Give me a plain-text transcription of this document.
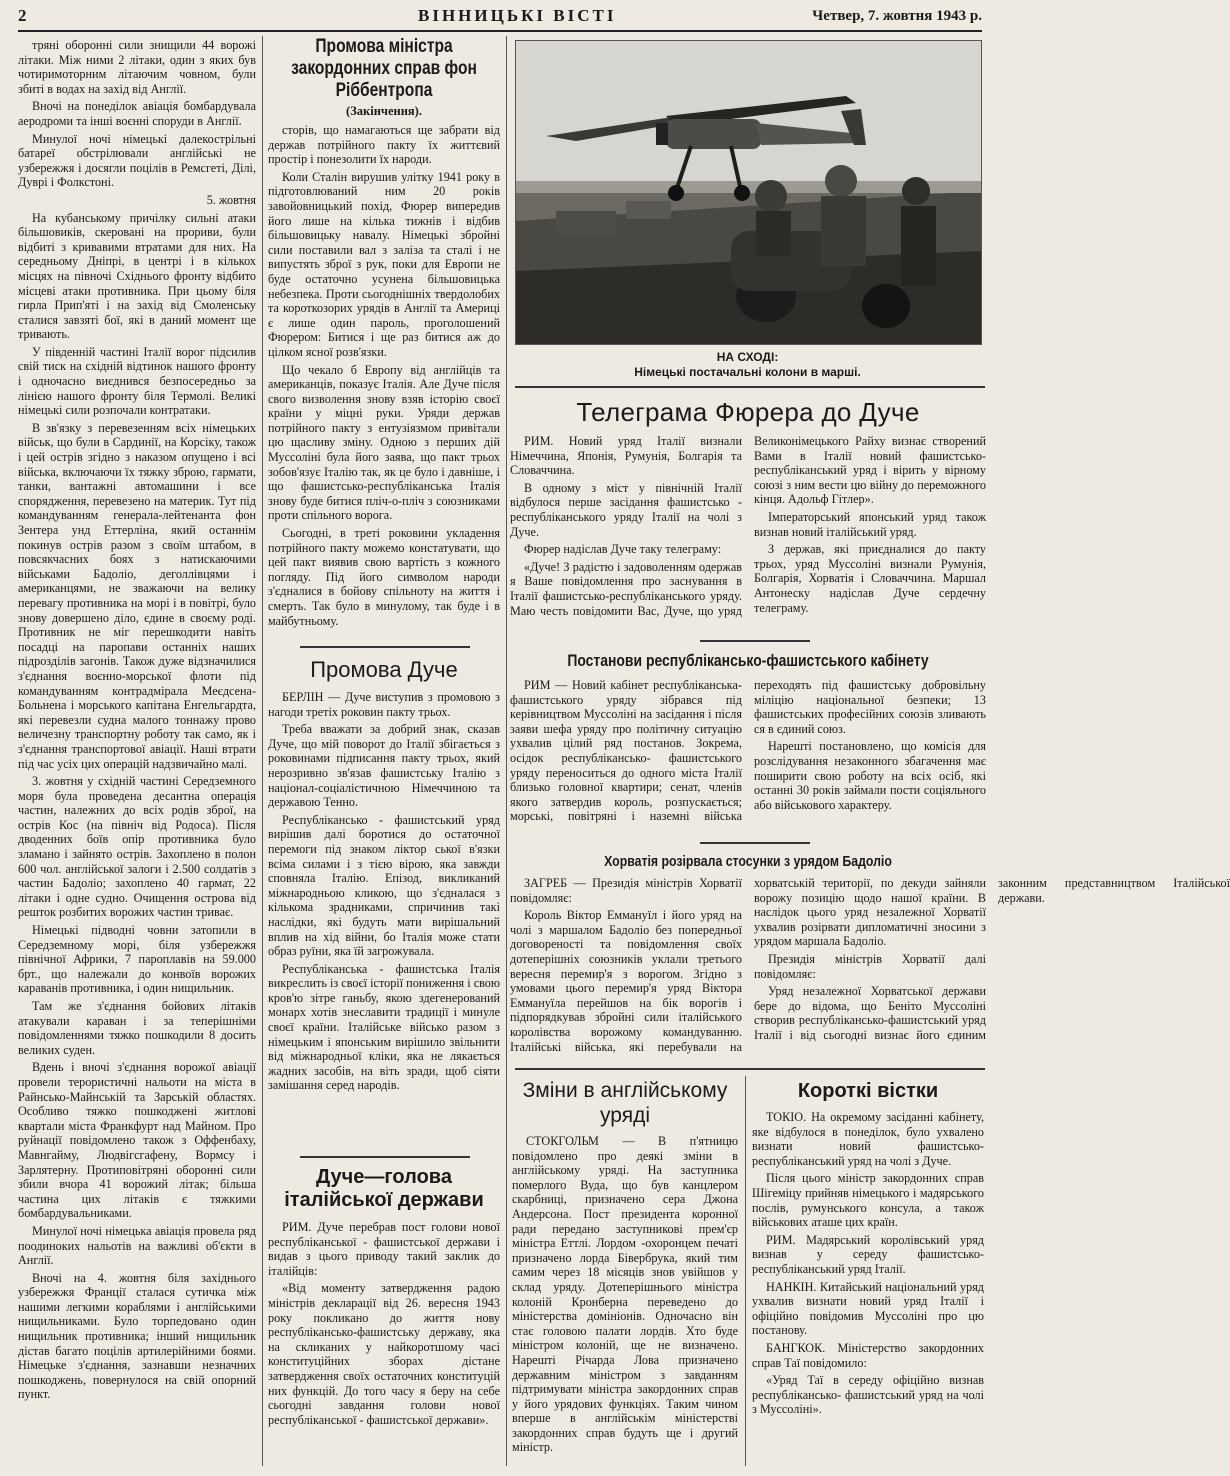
2	ВІННИЦЬКІ ВІСТІ	Четвер, 7. жовтня 1943 р.

тряні оборонні сили знищили 44 ворожі літаки. Між ними 2 літаки, один з яких був чотиримоторним літаючим човном, були збиті в водах на захід від Англії.

Вночі на понеділок авіація бомбардувала аеродроми та інші воєнні споруди в Англії.

Минулої ночі німецькі далекострільні батареї обстрілювали англійські не узбережжя і досягли поцілів в Ремсгеті, Ділі, Дуврі і Фолкстоні.

5. жовтня

На кубанському причілку сильні атаки більшовиків, скеровані на прориви, були відбиті з кривавими втратами для них. На середньому Дніпрі, в центрі і в кількох місцях на півночі Східнього фронту відбито місцеві атаки противника. При цьому біля гирла Прип'яті і на захід від Смоленську сталися завзяті бої, які в даний момент ще тривають.

У південній частині Італії ворог підсилив свій тиск на східній відтинок нашого фронту і одночасно виєднився безпосередньо за лінією нашого фронту біля Термолі. Великі німецькі сили розпочали контратаки.

В зв'язку з перевезенням всіх німецьких військ, що були в Сардинії, на Корсіку, також і цей острів згідно з наказом опущено і всі війська, включаючи їх тяжку зброю, гармати, танки, вантажні автомашини і все спорядження, перевезено на материк. Тут під командуванням генерала-лейтенанта фон Зентера унд Еттерліна, який останнім покинув острів разом з своїм штабом, в повсякчасних боях з натискаючими військами Бадоліо, деголлівцями і американцями, не зважаючи на велику перевагу противника на морі і в повітрі, було знову довершено діло, єдине в своєму роді. Противник не міг перешкодити навіть посадці на паропави останніх наших підрозділів загонів. Також дуже відзначилися з'єднання воєнно-морської флоти під командуванням контрадмірала Меєдсена-Больнена і морського капітана Енгельгардта, які перевезли судна малого тоннажу прово величезну транспортну роботу так само, як і з'єднання транспортової авіації. Наші втрати під час усіх цих операцій надзвичайно малі.

3. жовтня у східній частині Середземного моря була проведена десантна операція частин, належних до всіх родів зброї, на острів Кос (на північ від Родоса). Після дводенних боїв опір противника було зламано і зайнято острів. Захоплено в полон 600 чол. англійської залоги і 2.500 солдатів з частин Бадоліо; захоплено 40 гармат, 22 літаки і одне судно. Очищення острова від решток розбитих ворожих частин триває.

Німецькі підводні човни затопили в Середземному морі, біля узбережжя північної Африки, 7 пароплавів на 59.000 брт., що належали до конвоїв ворожих караванів противника, і один нищильник.

Там же з'єднання бойових літаків атакували караван і за теперішніми повідомленнями тяжко пошкодили 8 досить великих суден.

Вдень і вночі з'єднання ворожої авіації провели терористичні нальоти на міста в Райнсько-Майнській та Зарській областях. Особливо тяжко пошкоджені житлові квартали міста Франкфурт над Майном. Про руйнації повідомлено також з Оффенбаху, Мавнгайму, Людвігсгафену, Вормсу і Зарлятерну. Протиповітряні оборонні сили збили вчора 41 ворожий літак; більша частина цих літаків є тяжкими бомбардувальниками.

Минулої ночі німецька авіація провела ряд поодиноких нальотів на важливі об'єкти в Англії.

Вночі на 4. жовтня біля західнього узбережжя Франції сталася сутичка між нашими легкими кораблями і англійськими нищильниками. Було торпедовано один нищильник противника; інший нищильник дістав багато поцілів артилерійними боями. Німецьке з'єднання, зазнавши незначних пошкоджень, повернулося на свій опорний пункт.

Промова міністра закордонних справ фон Ріббентропа
(Закінчення).

сторів, що намагаються ще забрати від держав потрійного пакту їх життєвий простір і понезолити їх народи.

Коли Сталін вирушив улітку 1941 року в підготовлюваний ним 20 років завойовницький похід, Фюрер випередив його лише на кілька тижнів і відбив більшовицьку навалу. Німецькі збройні сили поставили вал з заліза та сталі і не випустять зброї з рук, поки для Европи не буде остаточно усунена більшовицька небезпека. Проти сьогоднішніх твердолобих та короткозорих урядів в Англії та Америці є лише один пароль, проголошений Фюрером: Битися і ще раз битися аж до цілком ясної розв'язки.

Що чекало б Европу від англійців та американців, показує Італія. Але Дуче після свого визволення знову взяв історію своєї країни у міцні руки. Уряди держав потрійного пакту з ентузіязмом привітали цю щасливу зміну. Одною з перших дій Муссоліні була його заява, що пакт трьох зобов'язує Італію так, як це було і давніше, і що фашистсько-республіканська Італія знову буде битися пліч-о-пліч з союзниками проти спільного ворога.

Сьогодні, в треті роковини укладення потрійного пакту можемо констатувати, що цей пакт виявив свою вартість з кожного погляду. Під його символом народи з'єдналися в бойову спільноту на життя і смерть. Так було в минулому, так буде і в майбутньому.

Промова Дуче

БЕРЛІН — Дуче виступив з промовою з нагоди третіх роковин пакту трьох.

Треба вважати за добрий знак, сказав Дуче, що мій поворот до Італії збігається з роковинами підписання пакту трьох, який нерозривно зв'язав фашистську Італію з націонал-соціалістичною Німеччиною та державою Тенно.

Республікансько - фашистський уряд вирішив далі боротися до остаточної перемоги під знаком ліктор ської в'язки всіма силами і з тією вірою, яка завжди сповняла Італію. Епізод, викликаний міжнародньою кликою, що з'єдналася з кількома зрадниками, спричинив такі наслідки, які будуть мати вирішальний вплив на хід війни, бо Італія може стати образ руїни, яка їй загрожувала.

Республіканська - фашистська Італія викреслить із своєї історії пониження і свою кров'ю зітре ганьбу, якою здегенерований монарх хотів знеславити традиції і минуле своєї країни. Італійське військо разом з німецьким і японським вирішило звільнити від міжнародньої кліки, яка не лякається жадних засобів, на віть зради, щоб сіяти замішання серед народів.

Дуче—голова італійської держави

РИМ. Дуче перебрав пост голови нової республіканської - фашистської держави і видав з цього приводу такий заклик до італійців:

«Від моменту затвердження радою міністрів декларації від 26. вересня 1943 року покликано до життя нову республікансько-фашистську державу, яка на скликаних у найкоротшому часі конституційних зборах дістане затвердження своїх остаточних конституцій них функцій. До того часу я беру на себе сьогодні завдання голови нової республіканської - фашистської держави».

НА СХОДІ:
Німецькі постачальні колони в марші.
Телеграма Фюрера до Дуче

РИМ. Новий уряд Італії визнали Німеччина, Японія, Румунія, Болгарія та Словаччина.

В одному з міст у північній Італії відбулося перше засідання фашистсько - республіканського уряду Італії на чолі з Дуче.

Фюрер надіслав Дуче таку телеграму:

«Дуче! З радістю і задоволенням одержав я Ваше повідомлення про заснування в Італії фашистсько-республіканського уряду. Маю честь повідомити Вас, Дуче, що уряд Великонімецького Райху визнає створений Вами в Італії новий фашистсько-республіканський уряд і вірить у вірному союзі з ним вести цю війну до переможного кінця. Адольф Гітлер».

Імператорський японський уряд також визнав новий італійський уряд.

З держав, які приєдналися до пакту трьох, уряд Муссоліні визнали Румунія, Болгарія, Хорватія і Словаччина. Маршал Антонеску надіслав Дуче сердечну телеграму.

Постанови республікансько-фашистського кабінету

РИМ — Новий кабінет республіканська-фашистського уряду зібрався під керівництвом Муссоліні на засідання і після заяви шефа уряду про політичну ситуацію ухвалив цілий ряд постанов. Зокрема, осідок республікансько- фашистського уряду переноситься до одного міста Італії близько головної квартири; сенат, членів якого затвердив король, розпускається; морські, повітряні і наземні війська переходять під фашистську добровільну міліцію національної безпеки; 13 фашистських професійних союзів зливають ся в єдиний союз.

Нарешті постановлено, що комісія для розслідування незаконного збагачення має поширити свою роботу на всіх осіб, які останні 30 років займали пости соціяльного або військового характеру.

Хорватія розірвала стосунки з урядом Бадоліо

ЗАГРЕБ — Президія міністрів Хорватії повідомляє:

Король Віктор Еммануїл і його уряд на чолі з маршалом Бадоліо без попередньої договореності та повідомлення своїх дотеперішніх союзників уклали третього вересня перемир'я з ворогом. Згідно з умовами цього перемир'я уряд Віктора Еммануїла перейшов на бік ворогів і підпорядкував збройні сили італійського королівства ворожому командуванню. Італійські війська, які перебували на хорватській території, по декуди зайняли ворожу позицію щодо нашої країни. В наслідок цього уряд незалежної Хорватії ухвалив розірвати дипломатичні зносини з урядом маршала Бадоліо.

Президія міністрів Хорватії далі повідомляє:

Уряд незалежної Хорватської держави бере до відома, що Беніто Муссоліні створив республікансько-фашистський уряд Італії і від сьогодні визнає його єдиним законним представництвом Італійської держави.

Зміни в англійському уряді

СТОКГОЛЬМ — В п'ятницю повідомлено про деякі зміни в англійському уряді. На заступника померлого Вуда, що був канцлером скарбниці, призначено сера Джона Андерсона. Пост президента коронної ради передано заступникові прем'єр міністра Еттлі. Лордом -охоронцем печаті призначено лорда Бівербрука, який тим самим через 18 місяців знов увійшов у склад уряду. Дотеперішнього міністра колоній Кронберна переведено до міністерства домініонів. Одночасно він стає головою палати лордів. Хто буде міністром колоній, ще не визначено. Нарешті Річарда Лова призначено державним міністром з завданням підтримувати міністра закордонних справ у його урядових функціях. Таким чином вперше в англійськім міністерстві закордонних справ будуть ще і другий міністр.

Короткі вістки

ТОКІО. На окремому засіданні кабінету, яке відбулося в понеділок, було ухвалено визнати новий фашистсько-республіканський уряд на чолі з Дуче.

Після цього міністр закордонних справ Шігеміцу прийняв німецького і мадярського послів, румунського консула, а також військових аташе цих країн.

РИМ. Мадярський королівський уряд визнав у середу фашистсько-республіканський уряд Італії.

НАНКІН. Китайський національний уряд ухвалив визнати новий уряд Італії і офіційно повідомив Муссоліні про цю постанову.

БАНГКОК. Міністерство закордонних справ Таї повідомило:

«Уряд Таї в середу офіційно визнав республікансько- фашистський уряд на чолі з Муссоліні».
